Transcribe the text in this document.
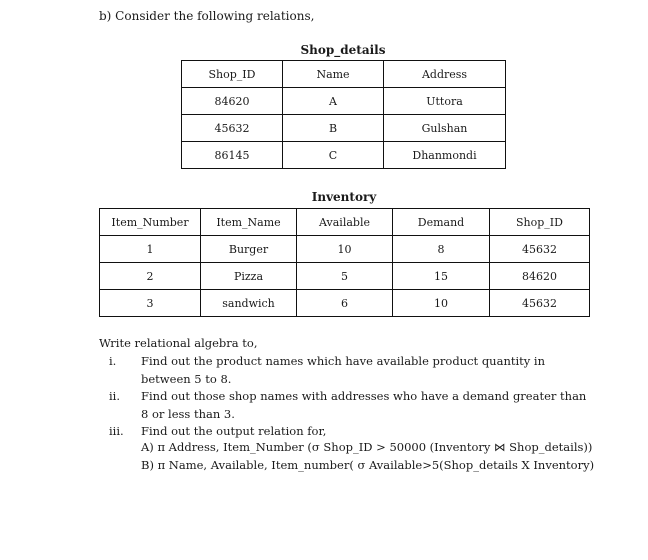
b) Consider the following relations,
Shop_details
Shop_ID	Name	Address
84620	A	Uttora
45632	B	Gulshan
86145	C	Dhanmondi
Inventory
Item_Number	Item_Name	Available	Demand	Shop_ID
1	Burger	10	8	45632
2	Pizza	5	15	84620
3	sandwich	6	10	45632
Write relational algebra to,
i.	Find out the product names which have available product quantity in between 5 to 8.
ii.	Find out those shop names with addresses who have a demand greater than 8 or less than 3.
iii.	Find out the output relation for,
A) π Address, Item_Number (σ Shop_ID > 50000 (Inventory ⋈ Shop_details))
B) π Name, Available, Item_number( σ Available>5(Shop_details X Inventory)
